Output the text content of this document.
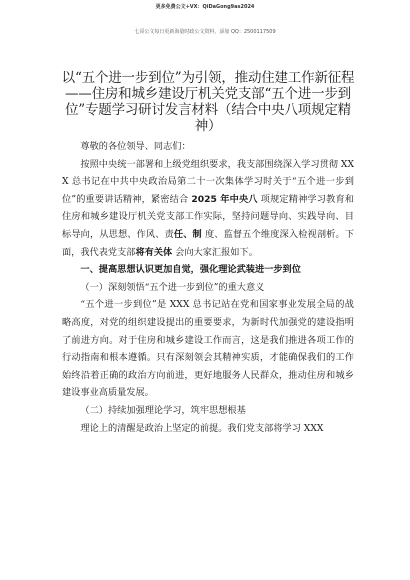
更多免费公文+VX：QiDaGong9as2024
七哥公文每日更新海量时政公文资料，添加 QQ：2500117509
以“五个进一步到位”为引领，推动住建工作新征程——住房和城乡建设厅机关党支部“五个进一步到位”专题学习研讨发言材料（结合中央八项规定精神）

尊敬的各位领导、同志们：

按照中央统一部署和上级党组织要求，我支部围绕深入学习贯彻 XXX 总书记在中共中央政治局第二十一次集体学习时关于“五个进一步到位”的重要讲话精神，紧密结合 2025 年中央八 项规定精神学习教育和住房和城乡建设厅机关党支部工作实际，坚持问题导向、实践导向、目标导向，从思想、作风、责任、制 度、监督五个维度深入检视剖析。下面，我代表党支部将有关体 会向大家汇报如下。

一、提高思想认识更加自觉，强化理论武装进一步到位

（一）深刻领悟“五个进一步到位”的重大意义

“五个进一步到位”是 XXX 总书记站在党和国家事业发展全局的战略高度，对党的组织建设提出的重要要求，为新时代加强党的建设指明了前进方向。对于住房和城乡建设工作而言，这是我们推进各项工作的行动指南和根本遵循。只有深刻领会其精神实质，才能确保我们的工作始终沿着正确的政治方向前进，更好地服务人民群众，推动住房和城乡建设事业高质量发展。

（二）持续加强理论学习，筑牢思想根基

理论上的清醒是政治上坚定的前提。我们党支部将学习 XXX
